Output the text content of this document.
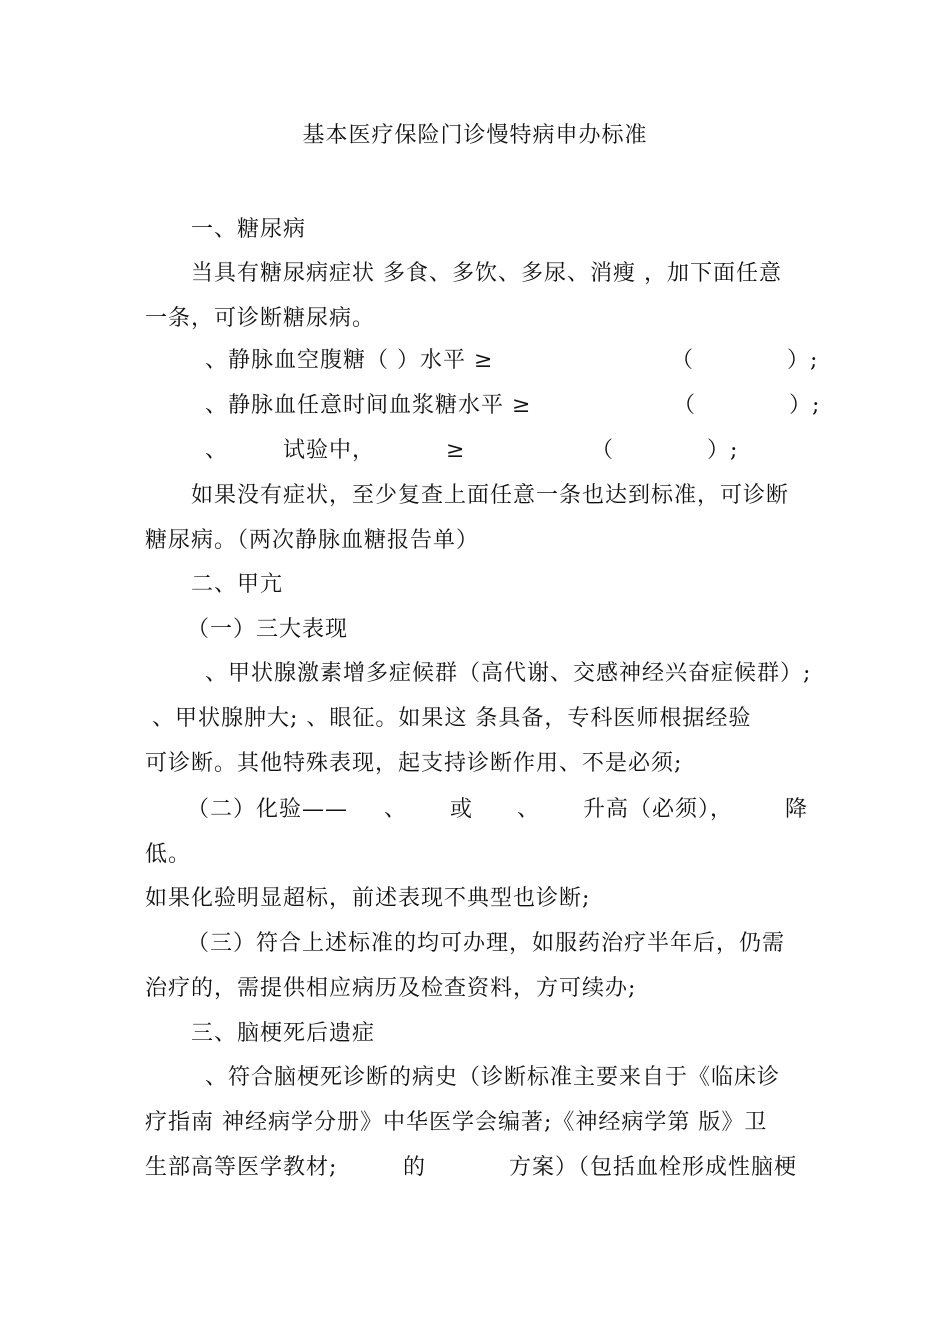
基本医疗保险门诊慢特病申办标准
一、糖尿病
当具有糖尿病症状 多食、多饮、多尿、消瘦 ，加下面任意
一条，可诊断糖尿病。
、静脉血空腹糖（ ）水平 ≥	（	）;
、静脉血任意时间血浆糖水平 ≥	（	）;
、 试验中，	≥	（	）;
如果没有症状，至少复查上面任意一条也达到标准，可诊断
糖尿病。（两次静脉血糖报告单）
二、甲亢
（一）三大表现
、甲状腺激素增多症候群（高代谢、交感神经兴奋症候群）;
、甲状腺肿大; 、眼征。如果这 条具备，专科医师根据经验
可诊断。其他特殊表现，起支持诊断作用、不是必须;
（二）化验—— 、 或 、 升高（必须）， 降
低。
如果化验明显超标，前述表现不典型也诊断;
（三）符合上述标准的均可办理，如服药治疗半年后，仍需
治疗的，需提供相应病历及检查资料，方可续办;
三、脑梗死后遗症
、符合脑梗死诊断的病史（诊断标准主要来自于《临床诊
疗指南 神经病学分册》中华医学会编著;《神经病学第 版》卫
生部高等医学教材;	的	方案）（包括血栓形成性脑梗
